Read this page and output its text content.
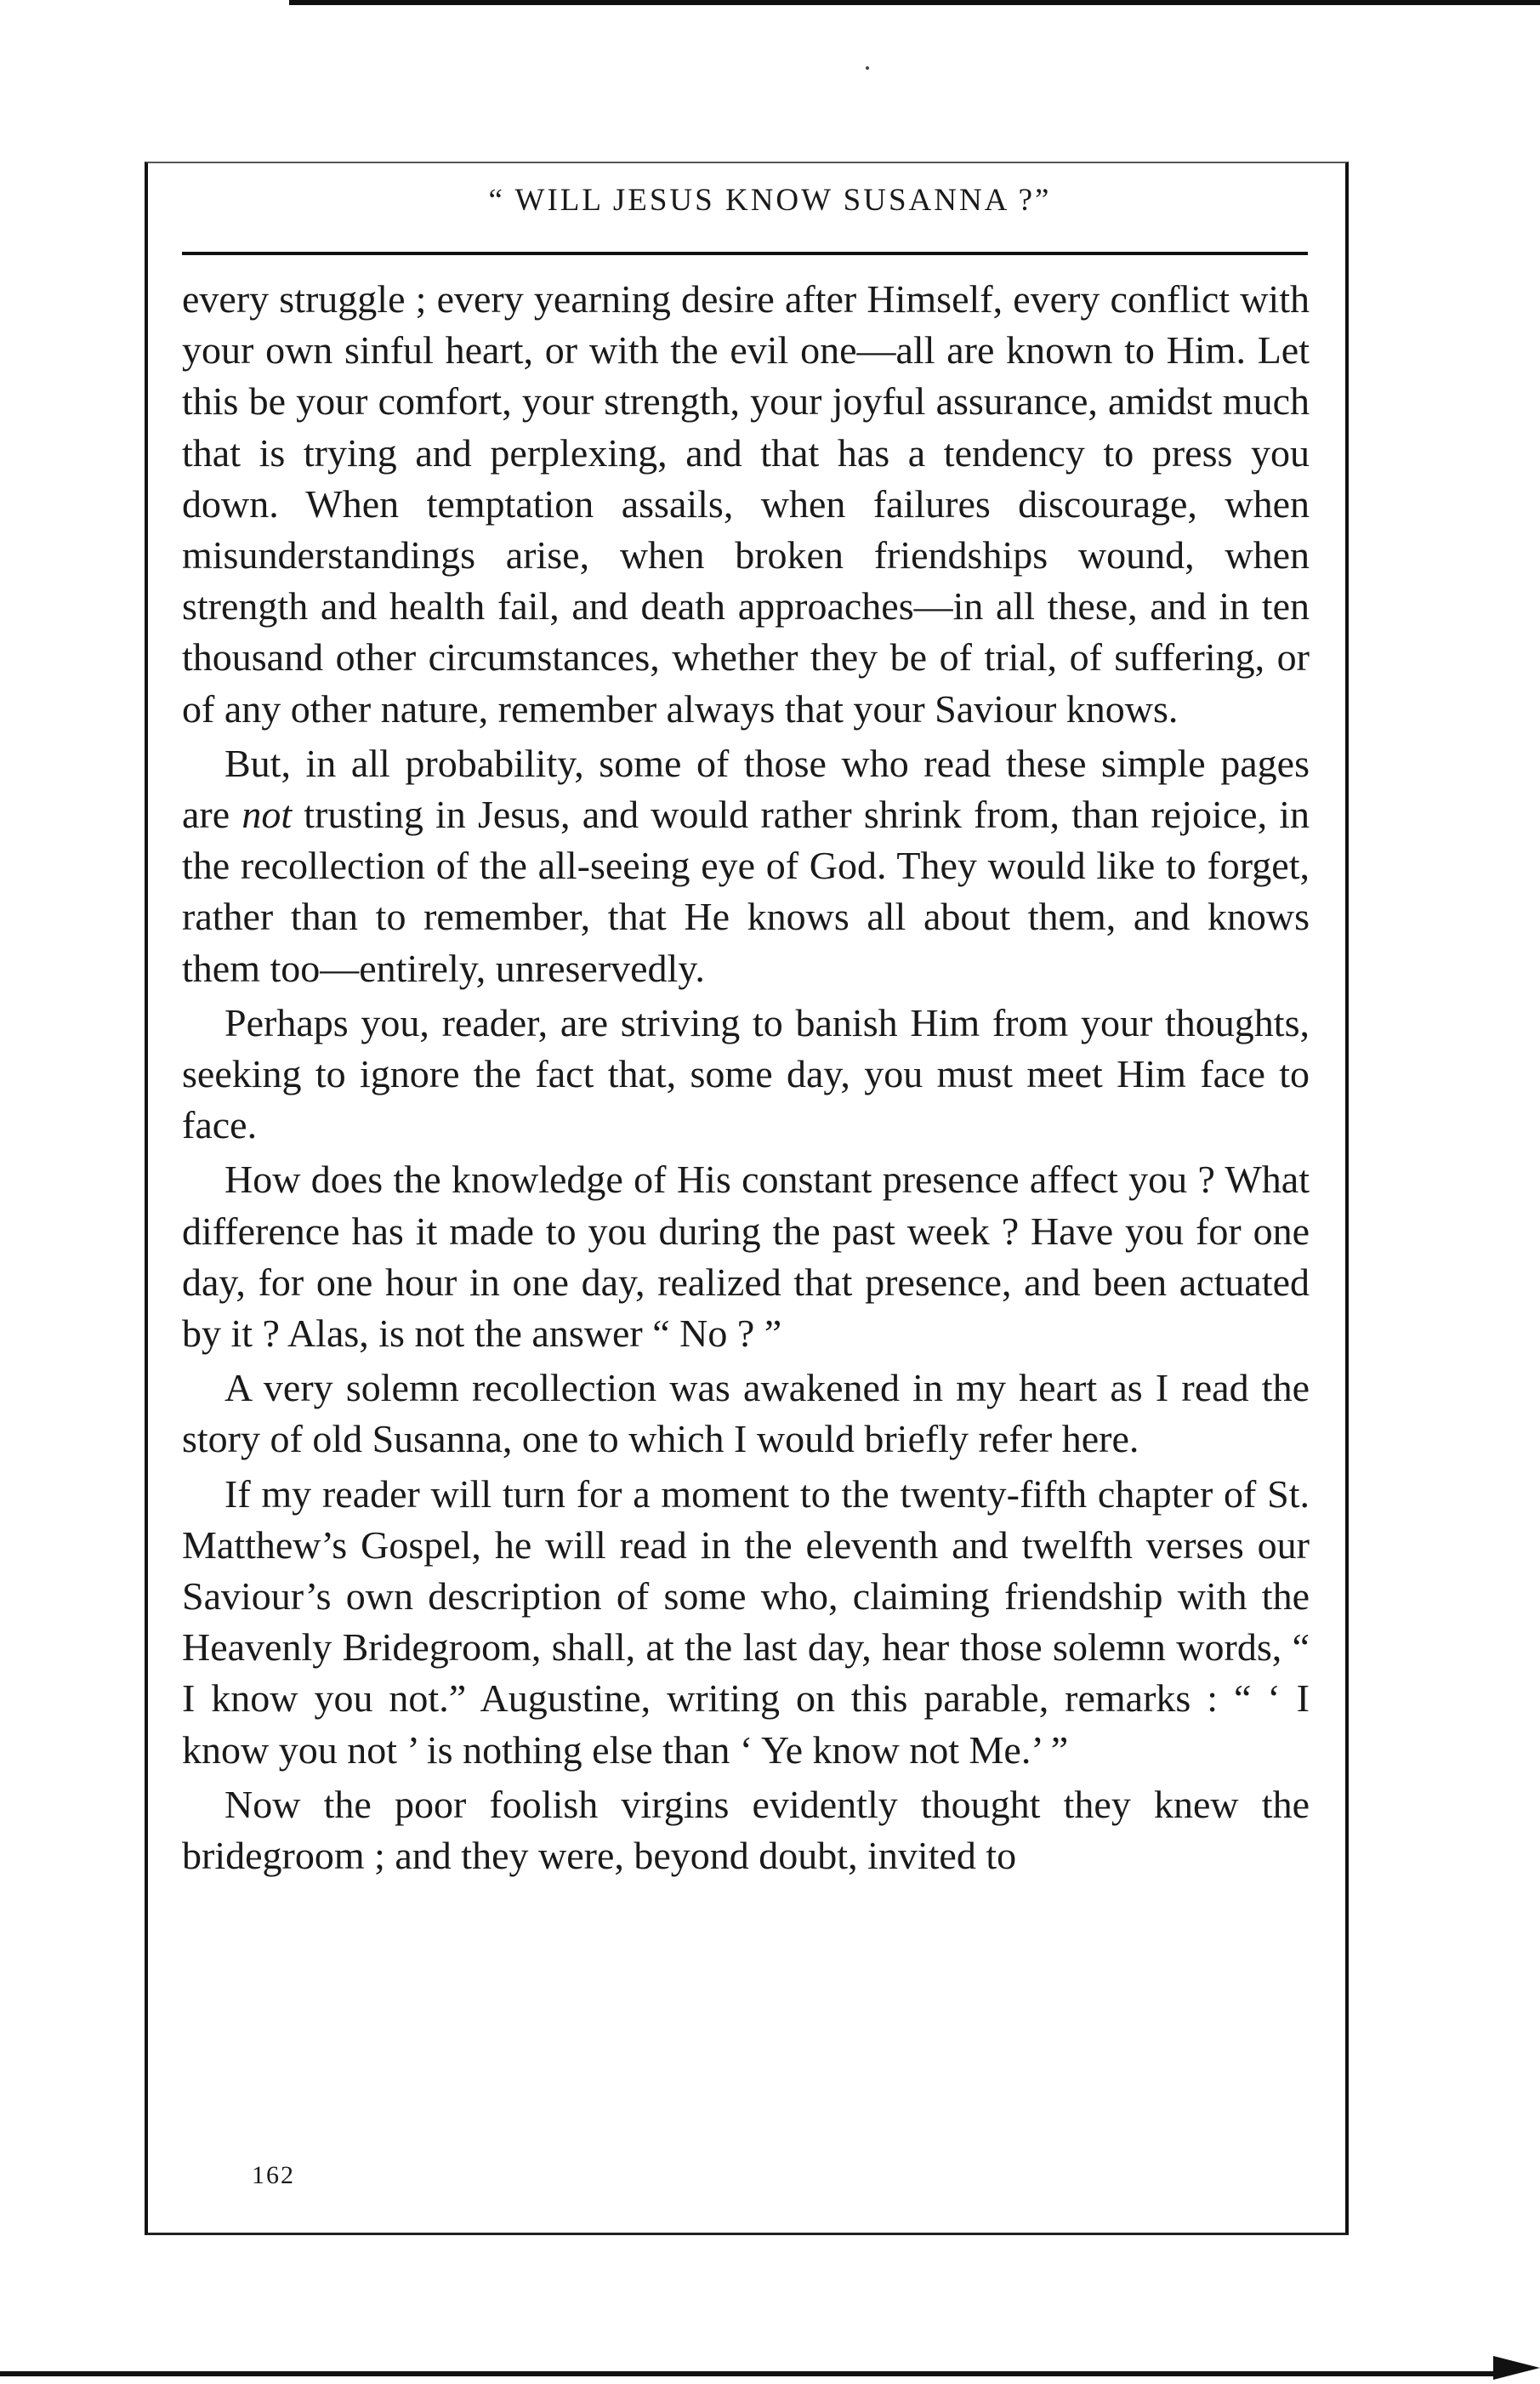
“ WILL JESUS KNOW SUSANNA ?”

every struggle ; every yearning desire after Himself, every conflict with your own sinful heart, or with the evil one—all are known to Him. Let this be your comfort, your strength, your joyful assurance, amidst much that is trying and perplexing, and that has a tendency to press you down. When temptation assails, when failures discourage, when misunderstandings arise, when broken friendships wound, when strength and health fail, and death approaches—in all these, and in ten thousand other circumstances, whether they be of trial, of suffering, or of any other nature, remember always that your Saviour knows.

But, in all probability, some of those who read these simple pages are not trusting in Jesus, and would rather shrink from, than rejoice, in the recollection of the all-seeing eye of God. They would like to forget, rather than to remember, that He knows all about them, and knows them too—entirely, unreservedly.

Perhaps you, reader, are striving to banish Him from your thoughts, seeking to ignore the fact that, some day, you must meet Him face to face.

How does the knowledge of His constant presence affect you ? What difference has it made to you during the past week ? Have you for one day, for one hour in one day, realized that presence, and been actuated by it ? Alas, is not the answer “ No ? ”

A very solemn recollection was awakened in my heart as I read the story of old Susanna, one to which I would briefly refer here.

If my reader will turn for a moment to the twenty-fifth chapter of St. Matthew’s Gospel, he will read in the eleventh and twelfth verses our Saviour’s own description of some who, claiming friendship with the Heavenly Bridegroom, shall, at the last day, hear those solemn words, “ I know you not.” Augustine, writing on this parable, remarks : “ ‘ I know you not ’ is nothing else than ‘ Ye know not Me.’ ”

Now the poor foolish virgins evidently thought they knew the bridegroom ; and they were, beyond doubt, invited to

162
